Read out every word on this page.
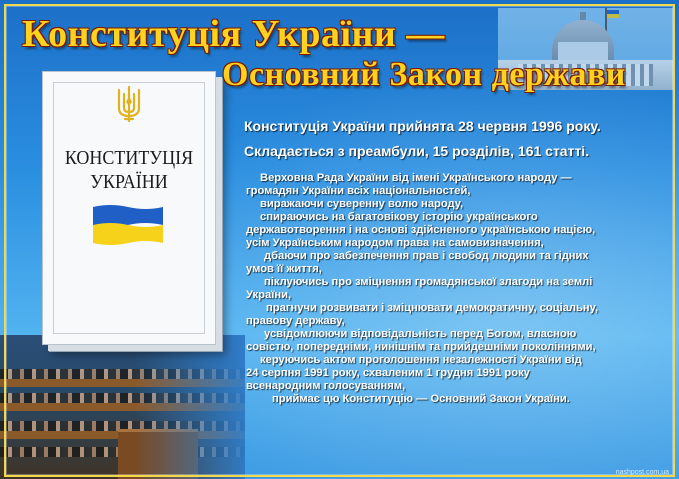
Конституція України —
Основний Закон держави
КОНСТИТУЦІЯ
УКРАЇНИ

Конституція України прийнята 28 червня 1996 року.

Складається з преамбули, 15 розділів, 161 статті.

Верховна Рада України від імені Українського народу —
громадян України всіх національностей,
виражаючи суверенну волю народу,
спираючись на багатовікову історію українського
державотворення і на основі здійсненого українською нацією,
усім Українським народом права на самовизначення,
дбаючи про забезпечення прав і свобод людини та гідних
умов її життя,
піклуючись про зміцнення громадянської злагоди на землі
України,
прагнучи розвивати і зміцнювати демократичну, соціальну,
правову державу,
усвідомлюючи відповідальність перед Богом, власною
совістю, попередніми, нинішнім та прийдешніми поколіннями,
керуючись актом проголошення незалежності України від
24 серпня 1991 року, схваленим 1 грудня 1991 року
всенародним голосуванням,
приймає цю Конституцію — Основний Закон України.

nashpost.com.ua
